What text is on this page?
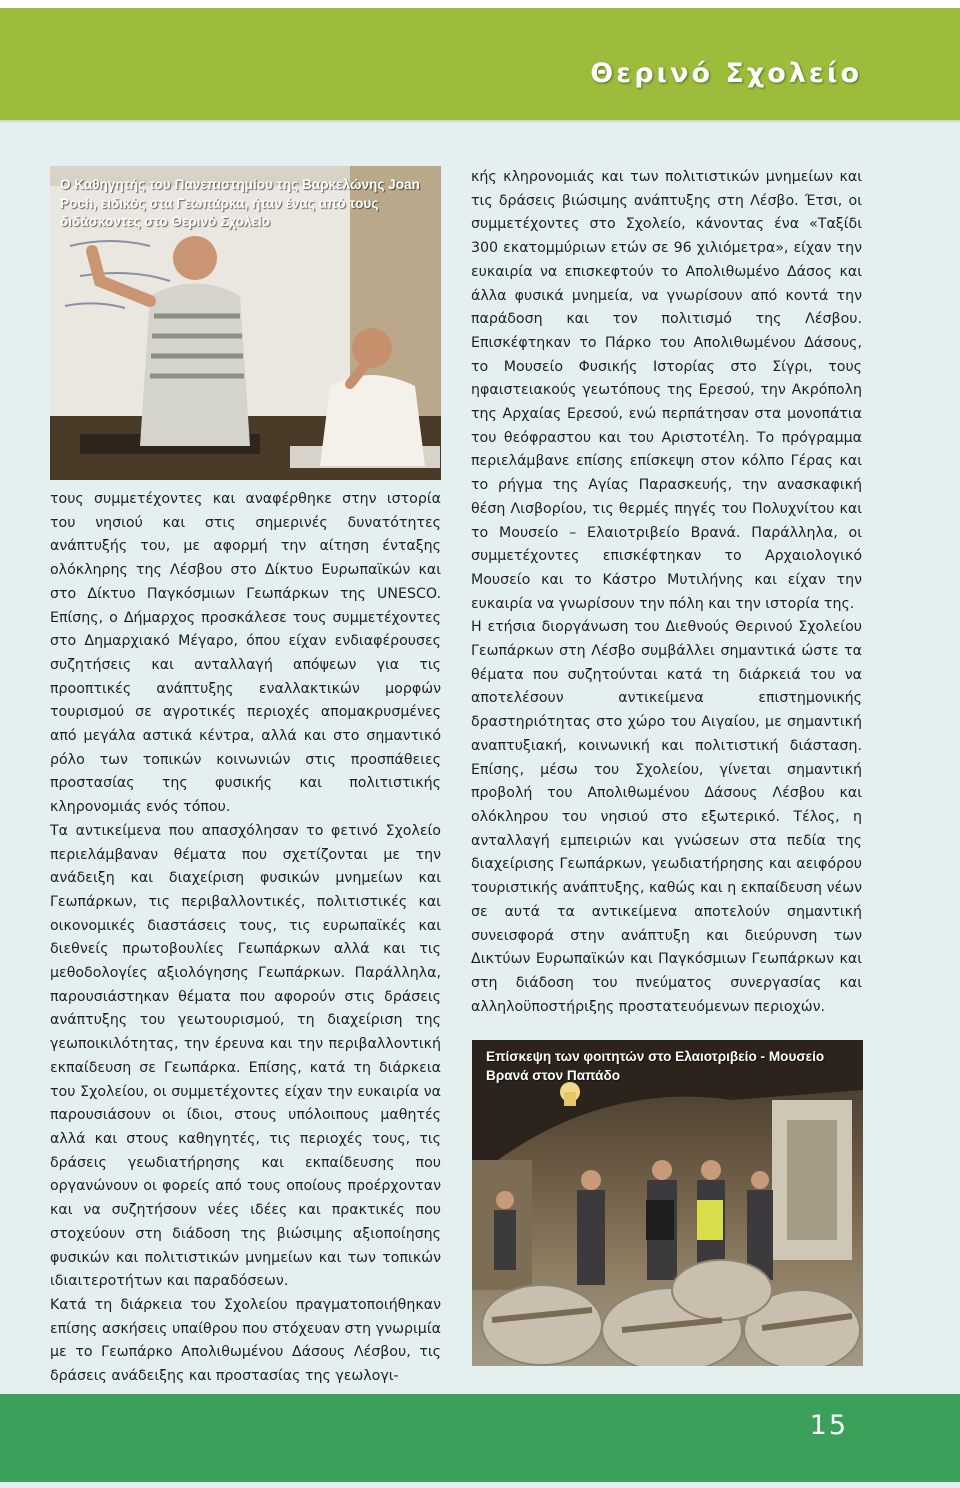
Θερινό Σχολείο
Ο Καθηγητής του Πανεπιστημίου της Βαρκελώνης Joan Poch, ειδικός στα Γεωπάρκα, ήταν ένας από τους διδάσκοντες στο Θερινό Σχολείο

τους συμμετέχοντες και αναφέρθηκε στην ιστορία του νησιού και στις σημερινές δυνατότητες ανάπτυξής του, με αφορμή την αίτηση ένταξης ολόκληρης της Λέσβου στο Δίκτυο Ευρωπαϊκών και στο Δίκτυο Παγκόσμιων Γεωπάρκων της UNESCO. Επίσης, ο Δήμαρχος προσκάλεσε τους συμμετέχοντες στο Δημαρχιακό Μέγαρο, όπου είχαν ενδιαφέρουσες συζητήσεις και ανταλλαγή απόψεων για τις προοπτικές ανάπτυξης εναλλακτικών μορφών τουρισμού σε αγροτικές περιοχές απομακρυσμένες από μεγάλα αστικά κέντρα, αλλά και στο σημαντικό ρόλο των τοπικών κοινωνιών στις προσπάθειες προστασίας της φυσικής και πολιτιστικής κληρονομιάς ενός τόπου.

Τα αντικείμενα που απασχόλησαν το φετινό Σχολείο περιελάμβαναν θέματα που σχετίζονται με την ανάδειξη και διαχείριση φυσικών μνημείων και Γεωπάρκων, τις περιβαλλοντικές, πολιτιστικές και οικονομικές διαστάσεις τους, τις ευρωπαϊκές και διεθνείς πρωτοβουλίες Γεωπάρκων αλλά και τις μεθοδολογίες αξιολόγησης Γεωπάρκων. Παράλληλα, παρουσιάστηκαν θέματα που αφορούν στις δράσεις ανάπτυξης του γεωτουρισμού, τη διαχείριση της γεωποικιλότητας, την έρευνα και την περιβαλλοντική εκπαίδευση σε Γεωπάρκα. Επίσης, κατά τη διάρκεια του Σχολείου, οι συμμετέχοντες είχαν την ευκαιρία να παρουσιάσουν οι ίδιοι, στους υπόλοιπους μαθητές αλλά και στους καθηγητές, τις περιοχές τους, τις δράσεις γεωδιατήρησης και εκπαίδευσης που οργανώνουν οι φορείς από τους οποίους προέρχονταν και να συζητήσουν νέες ιδέες και πρακτικές που στοχεύουν στη διάδοση της βιώσιμης αξιοποίησης φυσικών και πολιτιστικών μνημείων και των τοπικών ιδιαιτεροτήτων και παραδόσεων.

Κατά τη διάρκεια του Σχολείου πραγματοποιήθηκαν επίσης ασκήσεις υπαίθρου που στόχευαν στη γνωριμία με το Γεωπάρκο Απολιθωμένου Δάσους Λέσβου, τις δράσεις ανάδειξης και προστασίας της γεωλογι-

κής κληρονομιάς και των πολιτιστικών μνημείων και τις δράσεις βιώσιμης ανάπτυξης στη Λέσβο. Έτσι, οι συμμετέχοντες στο Σχολείο, κάνοντας ένα «Ταξίδι 300 εκατομμύριων ετών σε 96 χιλιόμετρα», είχαν την ευκαιρία να επισκεφτούν το Απολιθωμένο Δάσος και άλλα φυσικά μνημεία, να γνωρίσουν από κοντά την παράδοση και τον πολιτισμό της Λέσβου. Επισκέφτηκαν το Πάρκο του Απολιθωμένου Δάσους, το Μουσείο Φυσικής Ιστορίας στο Σίγρι, τους ηφαιστειακούς γεωτόπους της Ερεσού, την Ακρόπολη της Αρχαίας Ερεσού, ενώ περπάτησαν στα μονοπάτια του θεόφραστου και του Αριστοτέλη. Το πρόγραμμα περιελάμβανε επίσης επίσκεψη στον κόλπο Γέρας και το ρήγμα της Αγίας Παρασκευής, την ανασκαφική θέση Λισβορίου, τις θερμές πηγές του Πολυχνίτου και το Μουσείο – Ελαιοτριβείο Βρανά. Παράλληλα, οι συμμετέχοντες επισκέφτηκαν το Αρχαιολογικό Μουσείο και το Κάστρο Μυτιλήνης και είχαν την ευκαιρία να γνωρίσουν την πόλη και την ιστορία της.

Η ετήσια διοργάνωση του Διεθνούς Θερινού Σχολείου Γεωπάρκων στη Λέσβο συμβάλλει σημαντικά ώστε τα θέματα που συζητούνται κατά τη διάρκειά του να αποτελέσουν αντικείμενα επιστημονικής δραστηριότητας στο χώρο του Αιγαίου, με σημαντική αναπτυξιακή, κοινωνική και πολιτιστική διάσταση. Επίσης, μέσω του Σχολείου, γίνεται σημαντική προβολή του Απολιθωμένου Δάσους Λέσβου και ολόκληρου του νησιού στο εξωτερικό. Τέλος, η ανταλλαγή εμπειριών και γνώσεων στα πεδία της διαχείρισης Γεωπάρκων, γεωδιατήρησης και αειφόρου τουριστικής ανάπτυξης, καθώς και η εκπαίδευση νέων σε αυτά τα αντικείμενα αποτελούν σημαντική συνεισφορά στην ανάπτυξη και διεύρυνση των Δικτύων Ευρωπαϊκών και Παγκόσμιων Γεωπάρκων και στη διάδοση του πνεύματος συνεργασίας και αλληλοϋποστήριξης προστατευόμενων περιοχών.

Επίσκεψη των φοιτητών στο Ελαιοτριβείο - Μουσείο Βρανά στον Παπάδο
15
